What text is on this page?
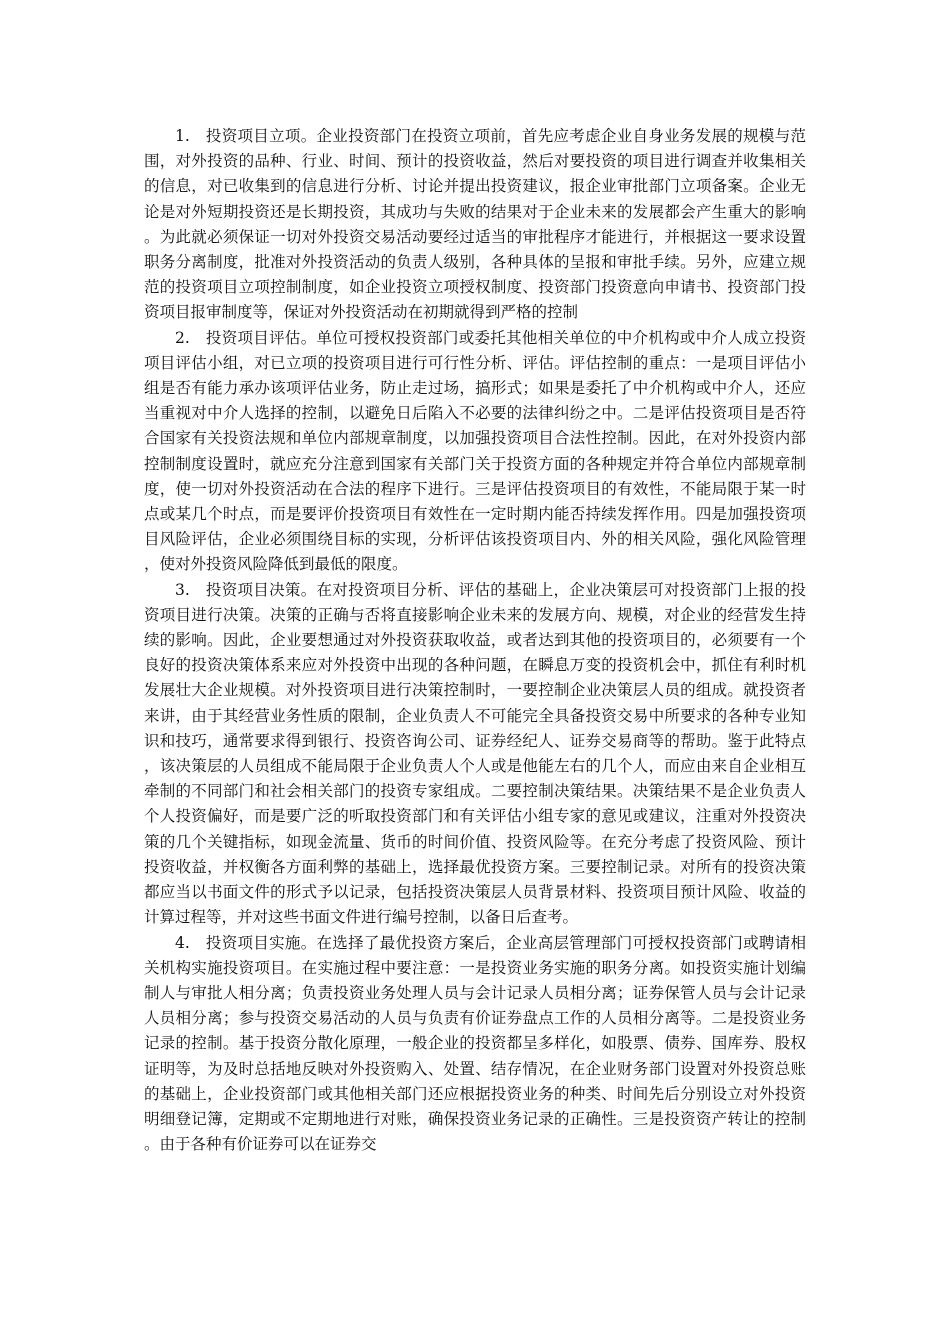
1.　投资项目立项。企业投资部门在投资立项前，首先应考虑企业自身业务发展的规模与范围，对外投资的品种、行业、时间、预计的投资收益，然后对要投资的项目进行调查并收集相关的信息，对已收集到的信息进行分析、讨论并提出投资建议，报企业审批部门立项备案。企业无论是对外短期投资还是长期投资，其成功与失败的结果对于企业未来的发展都会产生重大的影响。为此就必须保证一切对外投资交易活动要经过适当的审批程序才能进行，并根据这一要求设置职务分离制度，批准对外投资活动的负责人级别，各种具体的呈报和审批手续。另外，应建立规范的投资项目立项控制制度，如企业投资立项授权制度、投资部门投资意向申请书、投资部门投资项目报审制度等，保证对外投资活动在初期就得到严格的控制

2.　投资项目评估。单位可授权投资部门或委托其他相关单位的中介机构或中介人成立投资项目评估小组，对已立项的投资项目进行可行性分析、评估。评估控制的重点：一是项目评估小组是否有能力承办该项评估业务，防止走过场，搞形式；如果是委托了中介机构或中介人，还应当重视对中介人选择的控制，以避免日后陷入不必要的法律纠纷之中。二是评估投资项目是否符合国家有关投资法规和单位内部规章制度，以加强投资项目合法性控制。因此，在对外投资内部控制制度设置时，就应充分注意到国家有关部门关于投资方面的各种规定并符合单位内部规章制度，使一切对外投资活动在合法的程序下进行。三是评估投资项目的有效性，不能局限于某一时点或某几个时点，而是要评价投资项目有效性在一定时期内能否持续发挥作用。四是加强投资项目风险评估，企业必须围绕目标的实现，分析评估该投资项目内、外的相关风险，强化风险管理，使对外投资风险降低到最低的限度。

3.　投资项目决策。在对投资项目分析、评估的基础上，企业决策层可对投资部门上报的投资项目进行决策。决策的正确与否将直接影响企业未来的发展方向、规模，对企业的经营发生持续的影响。因此，企业要想通过对外投资获取收益，或者达到其他的投资项目的，必须要有一个良好的投资决策体系来应对外投资中出现的各种问题，在瞬息万变的投资机会中，抓住有利时机发展壮大企业规模。对外投资项目进行决策控制时，一要控制企业决策层人员的组成。就投资者来讲，由于其经营业务性质的限制，企业负责人不可能完全具备投资交易中所要求的各种专业知识和技巧，通常要求得到银行、投资咨询公司、证券经纪人、证券交易商等的帮助。鉴于此特点，该决策层的人员组成不能局限于企业负责人个人或是他能左右的几个人，而应由来自企业相互牵制的不同部门和社会相关部门的投资专家组成。二要控制决策结果。决策结果不是企业负责人个人投资偏好，而是要广泛的听取投资部门和有关评估小组专家的意见或建议，注重对外投资决策的几个关键指标，如现金流量、货币的时间价值、投资风险等。在充分考虑了投资风险、预计投资收益，并权衡各方面利弊的基础上，选择最优投资方案。三要控制记录。对所有的投资决策都应当以书面文件的形式予以记录，包括投资决策层人员背景材料、投资项目预计风险、收益的计算过程等，并对这些书面文件进行编号控制，以备日后查考。

4.　投资项目实施。在选择了最优投资方案后，企业高层管理部门可授权投资部门或聘请相关机构实施投资项目。在实施过程中要注意：一是投资业务实施的职务分离。如投资实施计划编制人与审批人相分离；负责投资业务处理人员与会计记录人员相分离；证券保管人员与会计记录人员相分离；参与投资交易活动的人员与负责有价证券盘点工作的人员相分离等。二是投资业务记录的控制。基于投资分散化原理，一般企业的投资都呈多样化，如股票、债券、国库券、股权证明等，为及时总括地反映对外投资购入、处置、结存情况，在企业财务部门设置对外投资总账的基础上，企业投资部门或其他相关部门还应根据投资业务的种类、时间先后分别设立对外投资明细登记簿，定期或不定期地进行对账，确保投资业务记录的正确性。三是投资资产转让的控制。由于各种有价证券可以在证券交
